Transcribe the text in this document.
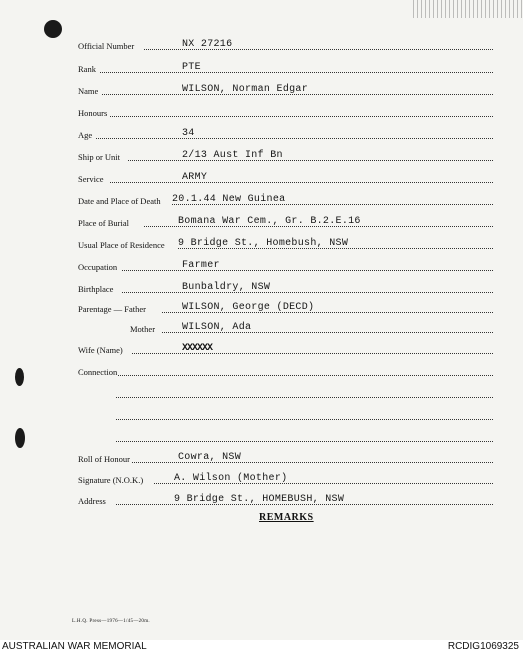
Official Number	NX 27216
Rank	PTE
Name	WILSON, Norman Edgar
Honours
Age	34
Ship or Unit	2/13 Aust Inf Bn
Service	ARMY
Date and Place of Death 20.1.44 New Guinea
Place of Burial	Bomana War Cem., Gr. B.2.E.16
Usual Place of Residence 9 Bridge St., Homebush, NSW
Occupation	Farmer
Birthplace	Bunbaldry, NSW
Parentage — Father	WILSON, George (DECD)
Mother	WILSON, Ada
Wife (Name)	XXXXXX
Connection
Roll of Honour	Cowra, NSW
Signature (N.O.K.)	A. Wilson (Mother)
Address	9 Bridge St., HOMEBUSH, NSW
REMARKS
L.H.Q. Press—1976—1/45—20m.
AUSTRALIAN WAR MEMORIAL	RCDIG1069325
